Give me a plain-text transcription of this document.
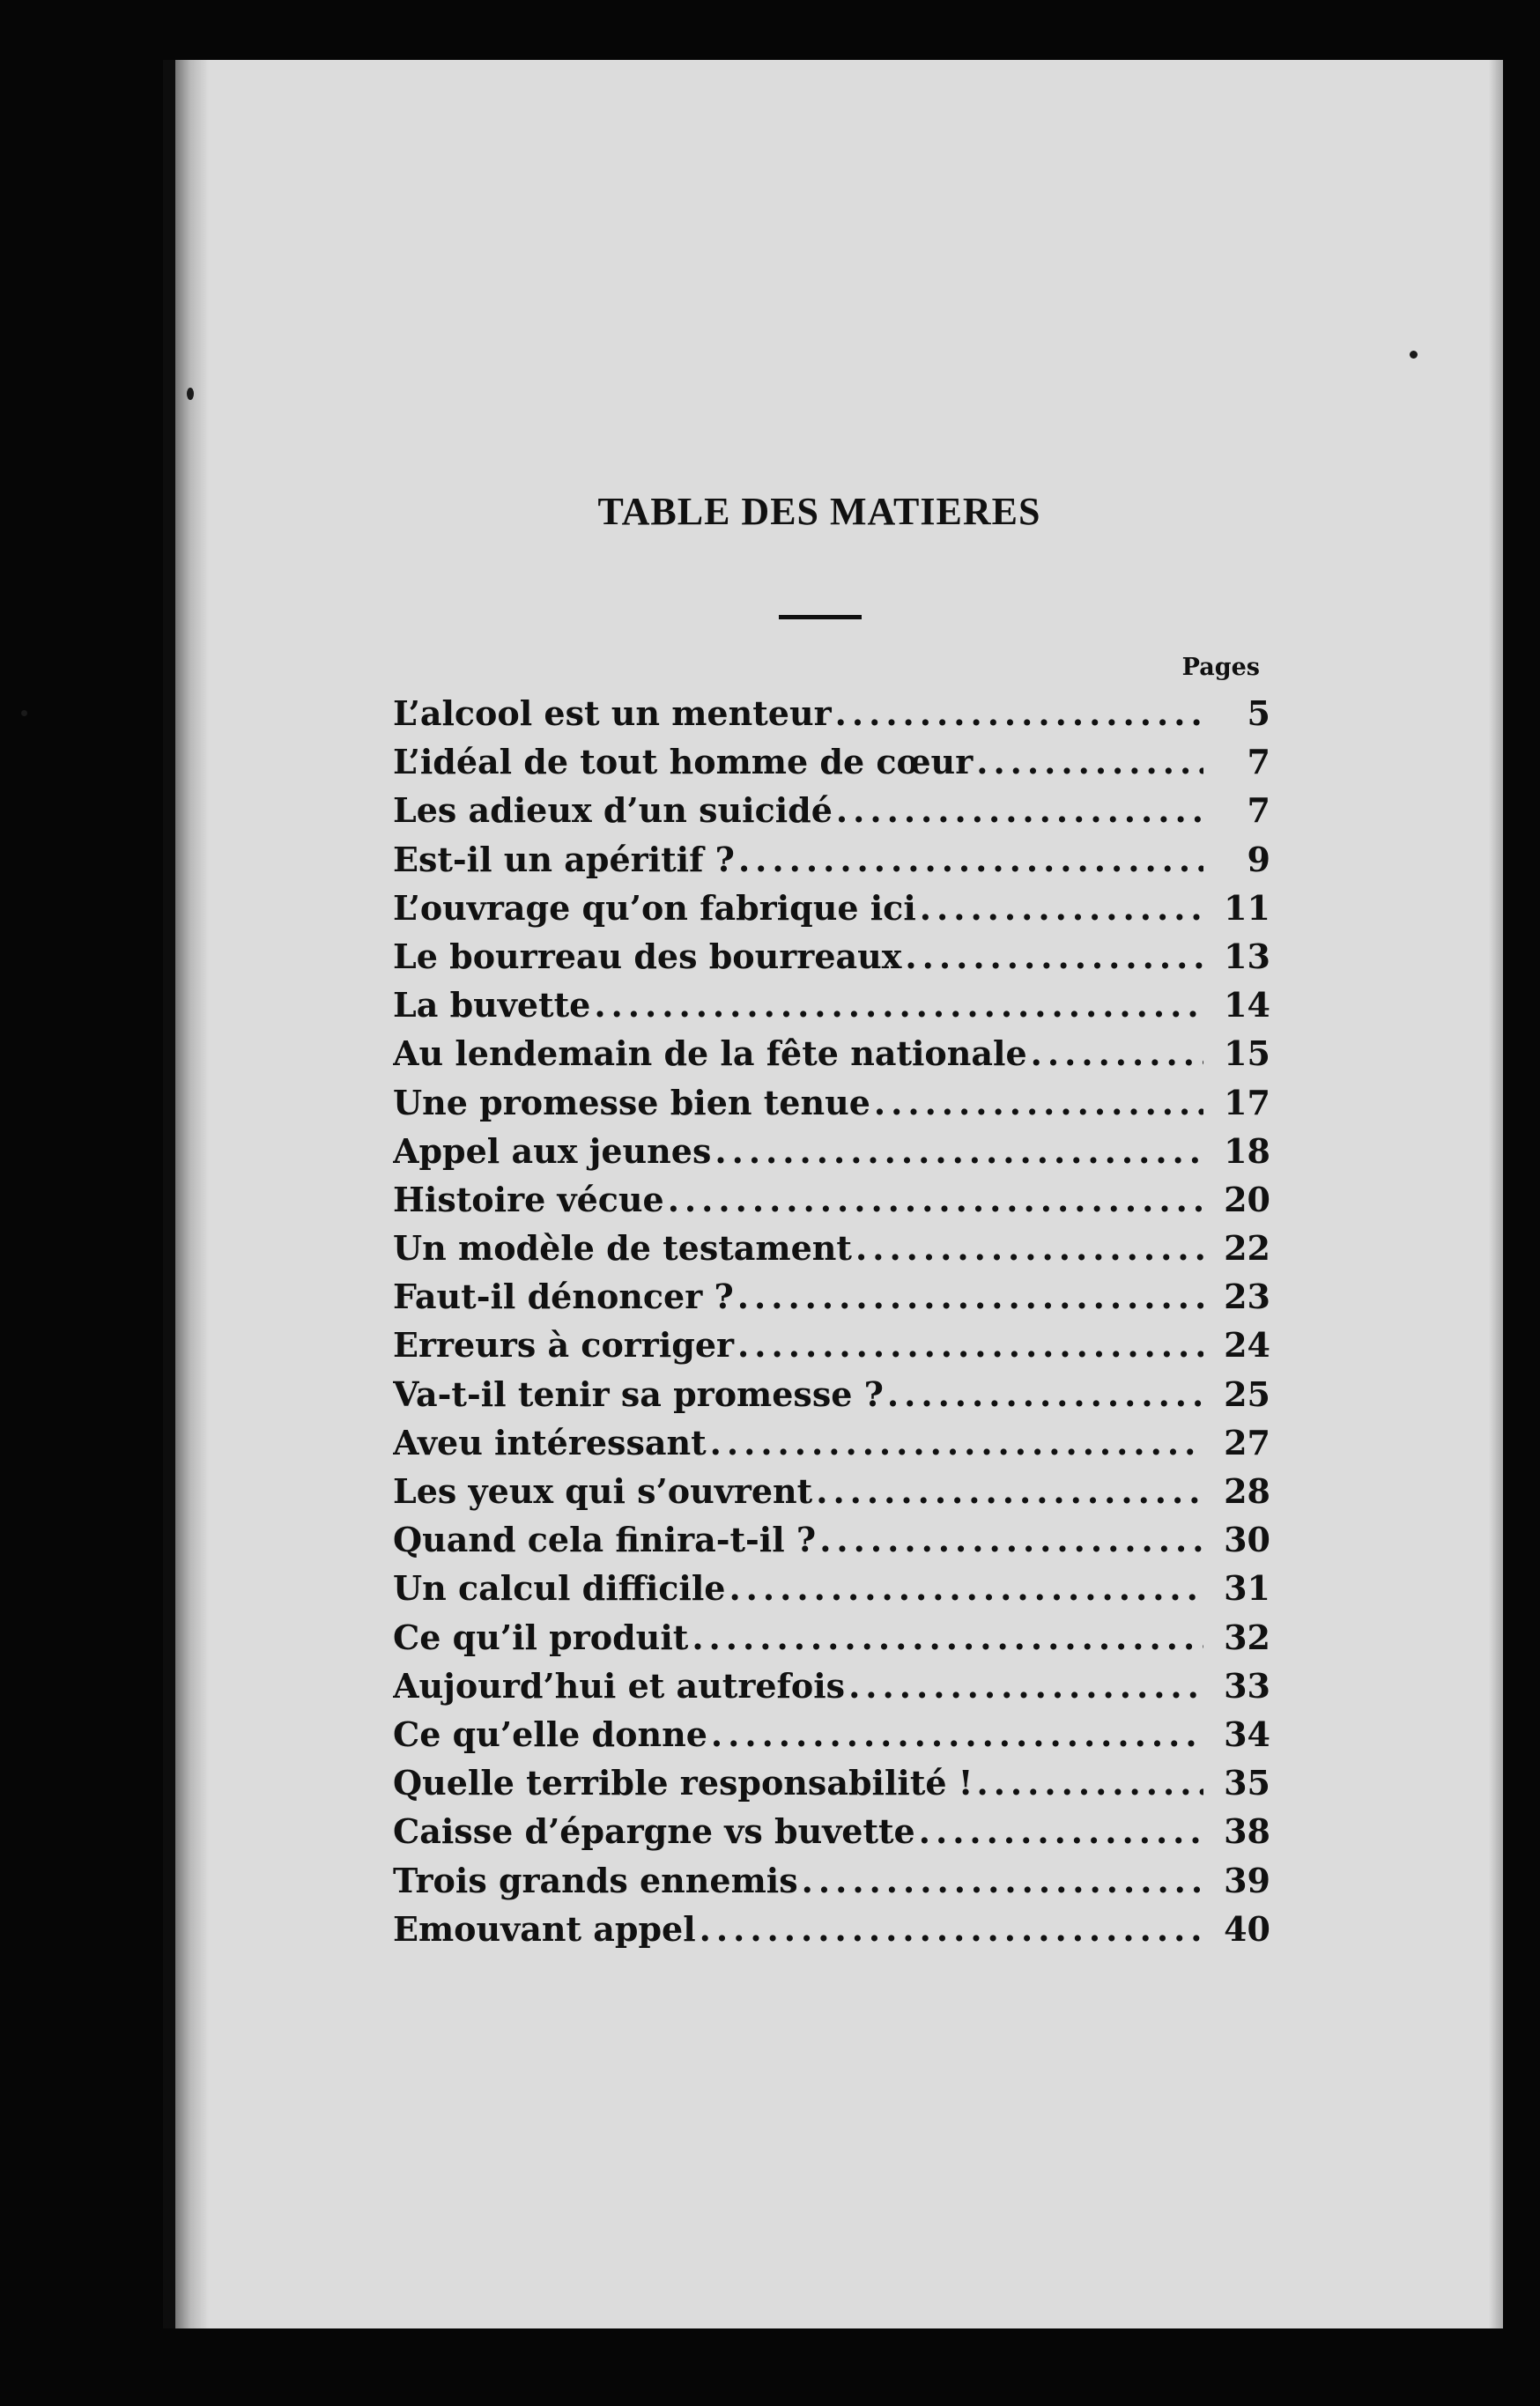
TABLE DES MATIERES
Pages
L’alcool est un menteur .....	5
L’idéal de tout homme de cœur .....	7
Les adieux d’un suicidé .....	7
Est-il un apéritif ? .....	9
L’ouvrage qu’on fabrique ici .....	11
Le bourreau des bourreaux .....	13
La buvette .....	14
Au lendemain de la fête nationale .....	15
Une promesse bien tenue .....	17
Appel aux jeunes .....	18
Histoire vécue .....	20
Un modèle de testament .....	22
Faut-il dénoncer ? .....	23
Erreurs à corriger .....	24
Va-t-il tenir sa promesse ? .....	25
Aveu intéressant .....	27
Les yeux qui s’ouvrent .....	28
Quand cela finira-t-il ? .....	30
Un calcul difficile .....	31
Ce qu’il produit .....	32
Aujourd’hui et autrefois .....	33
Ce qu’elle donne .....	34
Quelle terrible responsabilité ! .....	35
Caisse d’épargne vs buvette .....	38
Trois grands ennemis .....	39
Emouvant appel .....	40
